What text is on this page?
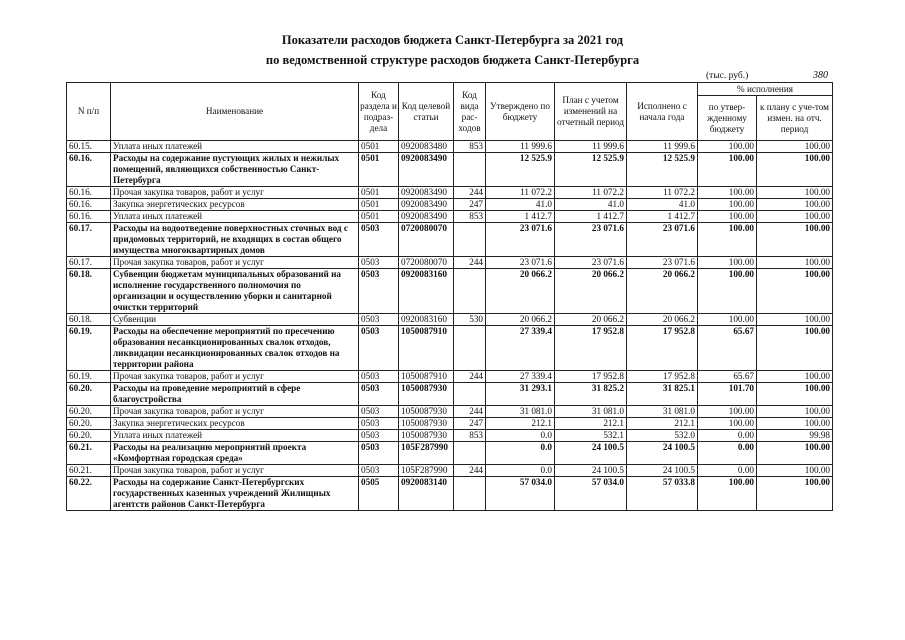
Показатели расходов бюджета Санкт-Петербурга за 2021 год
по ведомственной структуре расходов бюджета Санкт-Петербурга
(тыс. руб.)	380
N п/п	Наименование	Код раздела и подраз-дела	Код целевой статьи	Код вида рас-ходов	Утверждено по бюджету	План с учетом изменений на отчетный период	Исполнено с начала года	% исполнения	
								по утвер-жденному бюджету	к плану с уче-том измен. на отч. период
60.15.	Уплата иных платежей	0501	0920083480	853	11 999.6	11 999.6	11 999.6	100.00	100.00
60.16.	Расходы на содержание пустующих жилых и нежилых помещений, являющихся собственностью Санкт-Петербурга	0501	0920083490		12 525.9	12 525.9	12 525.9	100.00	100.00
60.16.	Прочая закупка товаров, работ и услуг	0501	0920083490	244	11 072.2	11 072.2	11 072.2	100.00	100.00
60.16.	Закупка энергетических ресурсов	0501	0920083490	247	41.0	41.0	41.0	100.00	100.00
60.16.	Уплата иных платежей	0501	0920083490	853	1 412.7	1 412.7	1 412.7	100.00	100.00
60.17.	Расходы на водоотведение поверхностных сточных вод с придомовых территорий, не входящих в состав общего имущества многоквартирных домов	0503	0720080070		23 071.6	23 071.6	23 071.6	100.00	100.00
60.17.	Прочая закупка товаров, работ и услуг	0503	0720080070	244	23 071.6	23 071.6	23 071.6	100.00	100.00
60.18.	Субвенции бюджетам муниципальных образований на исполнение государственного полномочия по организации и осуществлению уборки и санитарной очистки территорий	0503	0920083160		20 066.2	20 066.2	20 066.2	100.00	100.00
60.18.	Субвенции	0503	0920083160	530	20 066.2	20 066.2	20 066.2	100.00	100.00
60.19.	Расходы на обеспечение мероприятий по пресечению образования несанкционированных свалок отходов, ликвидации несанкционированных свалок отходов на территории района	0503	1050087910		27 339.4	17 952.8	17 952.8	65.67	100.00
60.19.	Прочая закупка товаров, работ и услуг	0503	1050087910	244	27 339.4	17 952.8	17 952.8	65.67	100.00
60.20.	Расходы на проведение мероприятий в сфере благоустройства	0503	1050087930		31 293.1	31 825.2	31 825.1	101.70	100.00
60.20.	Прочая закупка товаров, работ и услуг	0503	1050087930	244	31 081.0	31 081.0	31 081.0	100.00	100.00
60.20.	Закупка энергетических ресурсов	0503	1050087930	247	212.1	212.1	212.1	100.00	100.00
60.20.	Уплата иных платежей	0503	1050087930	853	0.0	532.1	532.0	0.00	99.98
60.21.	Расходы на реализацию мероприятий проекта «Комфортная городская среда»	0503	105F287990		0.0	24 100.5	24 100.5	0.00	100.00
60.21.	Прочая закупка товаров, работ и услуг	0503	105F287990	244	0.0	24 100.5	24 100.5	0.00	100.00
60.22.	Расходы на содержание Санкт-Петербургских государственных казенных учреждений Жилищных агентств районов Санкт-Петербурга	0505	0920083140		57 034.0	57 034.0	57 033.8	100.00	100.00
